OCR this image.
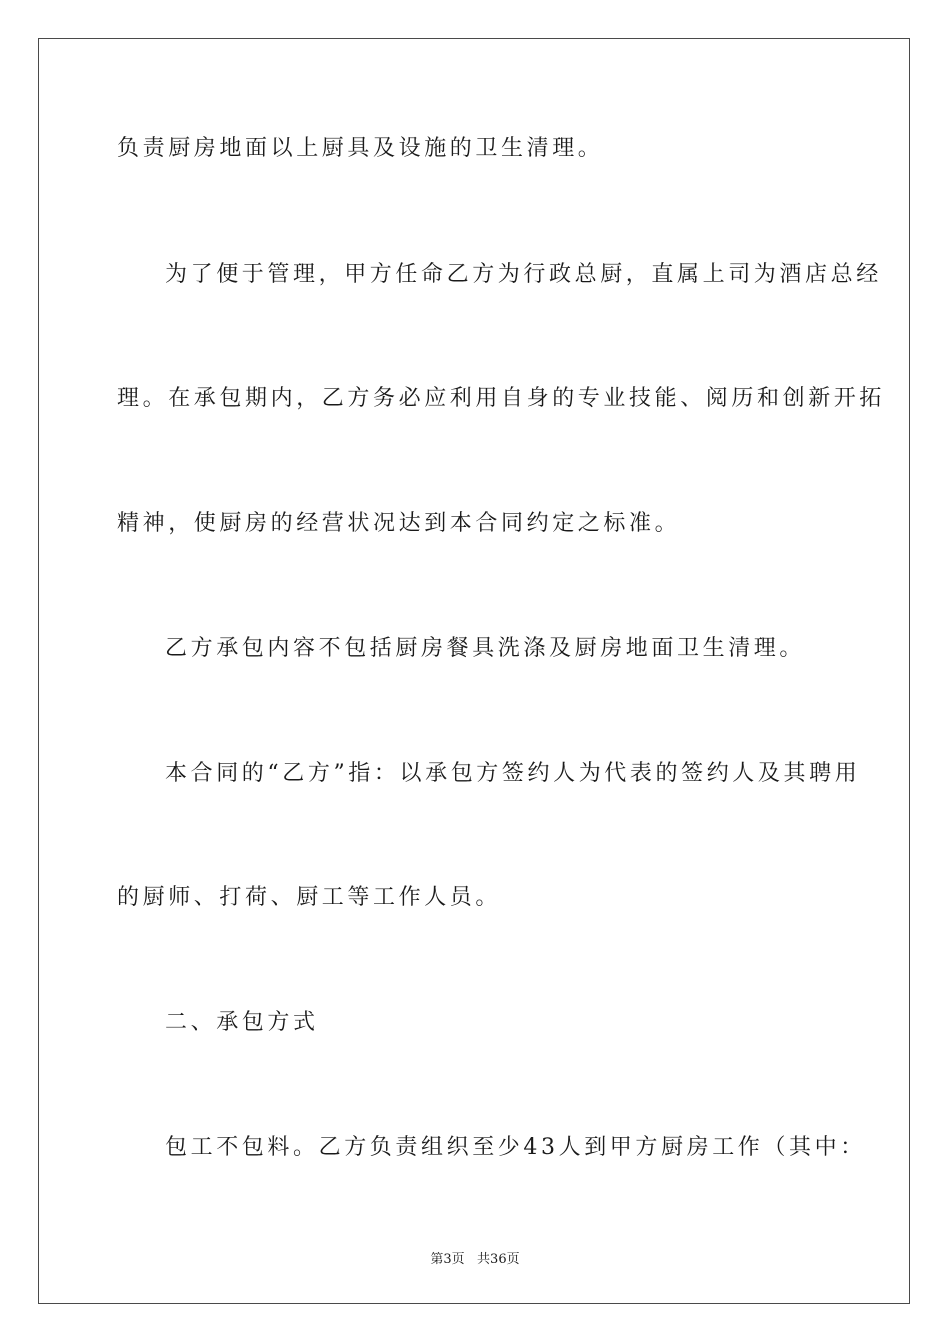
负责厨房地面以上厨具及设施的卫生清理。
为了便于管理，甲方任命乙方为行政总厨，直属上司为酒店总经
理。在承包期内，乙方务必应利用自身的专业技能、阅历和创新开拓
精神，使厨房的经营状况达到本合同约定之标准。
乙方承包内容不包括厨房餐具洗涤及厨房地面卫生清理。
本合同的“乙方”指：以承包方签约人为代表的签约人及其聘用
的厨师、打荷、厨工等工作人员。
二、承包方式
包工不包料。乙方负责组织至少43人到甲方厨房工作（其中：
第3页   共36页
